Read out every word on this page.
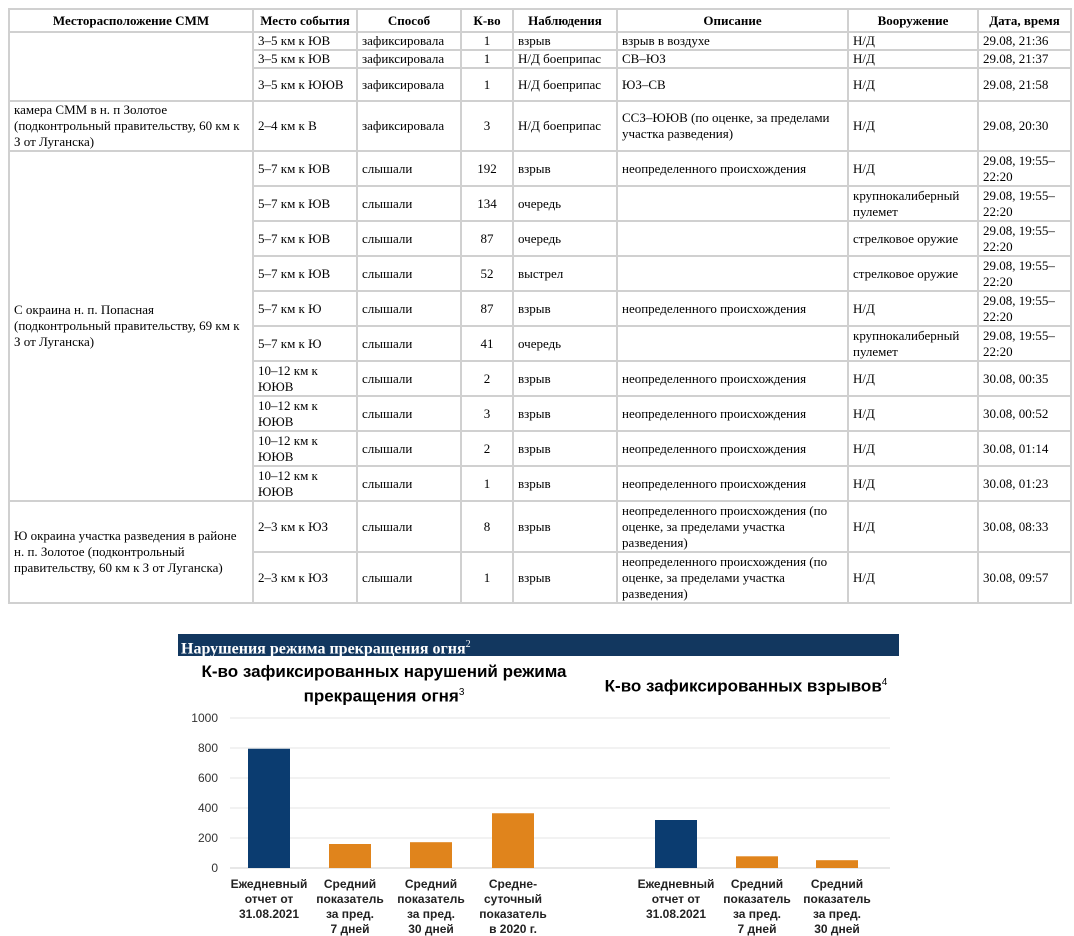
Месторасположение СММ	Место события	Способ	К-во	Наблюдения	Описание	Вооружение	Дата, время
	3–5 км к ЮВ	зафиксировала	1	взрыв	взрыв в воздухе	Н/Д	29.08, 21:36
	3–5 км к ЮВ	зафиксировала	1	Н/Д боеприпас	СВ–ЮЗ	Н/Д	29.08, 21:37
	3–5 км к ЮЮВ	зафиксировала	1	Н/Д боеприпас	ЮЗ–СВ	Н/Д	29.08, 21:58
камера СММ в н. п Золотое (подконтрольный правительству, 60 км к З от Луганска)	2–4 км к В	зафиксировала	3	Н/Д боеприпас	ССЗ–ЮЮВ (по оценке, за пределами участка разведения)	Н/Д	29.08, 20:30
С окраина н. п. Попасная (подконтрольный правительству, 69 км к З от Луганска)	5–7 км к ЮВ	слышали	192	взрыв	неопределенного происхождения	Н/Д	29.08, 19:55–22:20
	5–7 км к ЮВ	слышали	134	очередь		крупнокалиберный пулемет	29.08, 19:55–22:20
	5–7 км к ЮВ	слышали	87	очередь		стрелковое оружие	29.08, 19:55–22:20
	5–7 км к ЮВ	слышали	52	выстрел		стрелковое оружие	29.08, 19:55–22:20
	5–7 км к Ю	слышали	87	взрыв	неопределенного происхождения	Н/Д	29.08, 19:55–22:20
	5–7 км к Ю	слышали	41	очередь		крупнокалиберный пулемет	29.08, 19:55–22:20
	10–12 км к ЮЮВ	слышали	2	взрыв	неопределенного происхождения	Н/Д	30.08, 00:35
	10–12 км к ЮЮВ	слышали	3	взрыв	неопределенного происхождения	Н/Д	30.08, 00:52
	10–12 км к ЮЮВ	слышали	2	взрыв	неопределенного происхождения	Н/Д	30.08, 01:14
	10–12 км к ЮЮВ	слышали	1	взрыв	неопределенного происхождения	Н/Д	30.08, 01:23
Ю окраина участка разведения в районе н. п. Золотое (подконтрольный правительству, 60 км к З от Луганска)	2–3 км к ЮЗ	слышали	8	взрыв	неопределенного происхождения (по оценке, за пределами участка разведения)	Н/Д	30.08, 08:33
	2–3 км к ЮЗ	слышали	1	взрыв	неопределенного происхождения (по оценке, за пределами участка разведения)	Н/Д	30.08, 09:57
Нарушения режима прекращения огня$^2$
К-во зафиксированных нарушений режима прекращения огня$^3$	К-во зафиксированных взрывов$^4$
0
200
400
600
800
1000
Ежедневный
отчет от
31.08.2021
Средний
показатель
за пред.
7 дней
Средний
показатель
за пред.
30 дней
Средне-
суточный
показатель
в 2020 г.
Ежедневный
отчет от
31.08.2021
Средний
показатель
за пред.
7 дней
Средний
показатель
за пред.
30 дней
